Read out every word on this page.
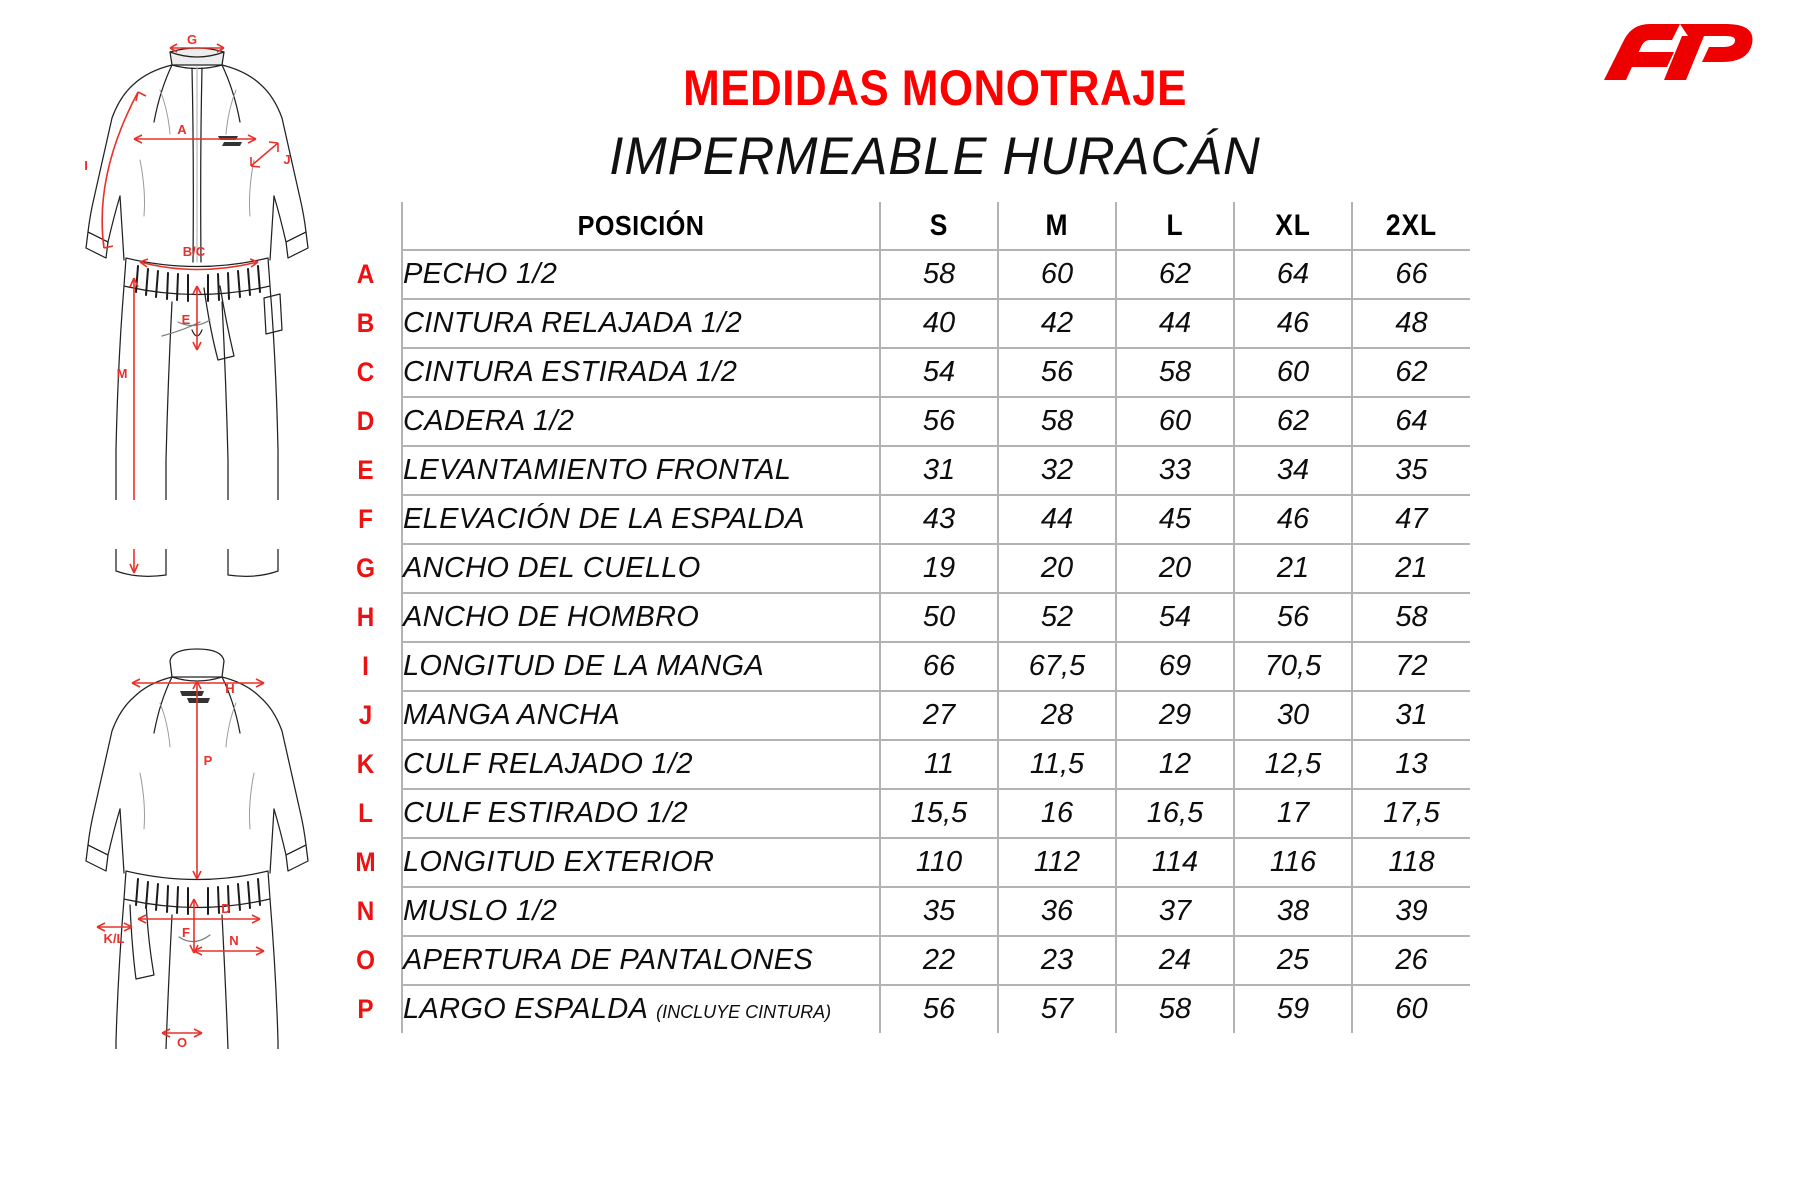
G
A
I	J
B/C
E
M
H
P
D
F
K/L	N
O
MEDIDAS MONOTRAJE
IMPERMEABLE HURACÁN
	POSICIÓN	S	M	L	XL	2XL
A	PECHO 1/2	58	60	62	64	66
B	CINTURA RELAJADA 1/2	40	42	44	46	48
C	CINTURA ESTIRADA 1/2	54	56	58	60	62
D	CADERA 1/2	56	58	60	62	64
E	LEVANTAMIENTO FRONTAL	31	32	33	34	35
F	ELEVACIÓN DE LA ESPALDA	43	44	45	46	47
G	ANCHO DEL CUELLO	19	20	20	21	21
H	ANCHO DE HOMBRO	50	52	54	56	58
I	LONGITUD DE LA MANGA	66	67,5	69	70,5	72
J	MANGA ANCHA	27	28	29	30	31
K	CULF RELAJADO 1/2	11	11,5	12	12,5	13
L	CULF ESTIRADO 1/2	15,5	16	16,5	17	17,5
M	LONGITUD EXTERIOR	110	112	114	116	118
N	MUSLO 1/2	35	36	37	38	39
O	APERTURA DE PANTALONES	22	23	24	25	26
P	LARGO ESPALDA (INCLUYE CINTURA)	56	57	58	59	60
